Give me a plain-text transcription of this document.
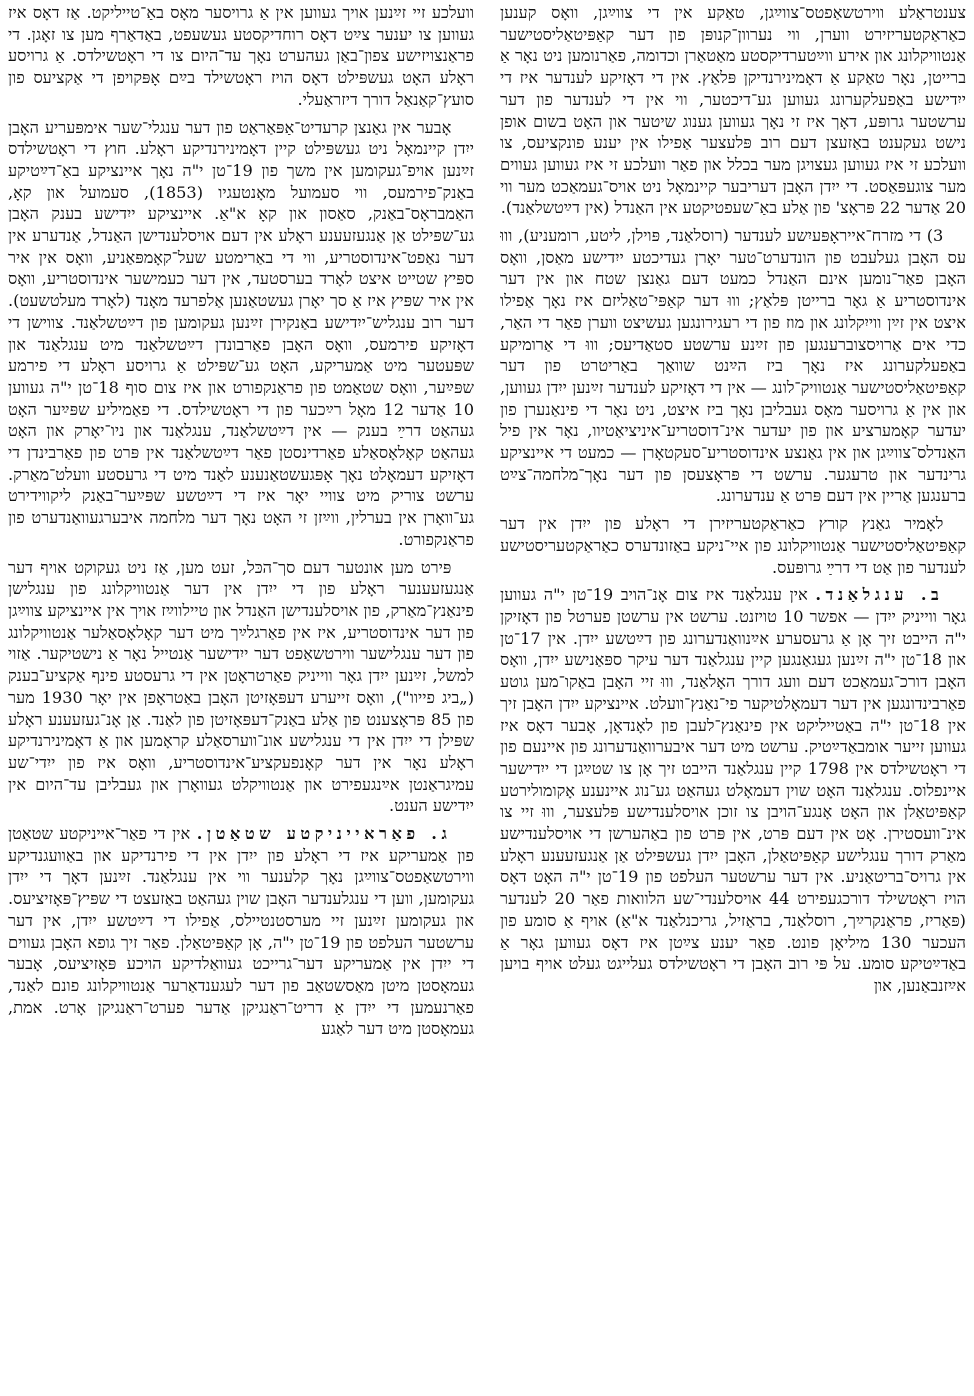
צענטראַלע ווירטשאַפטס־צווײַגן, טאַקע אין די צווײַגן, וואָס קענען כאַראַקטעריזירט ווערן, ווי נערוון־קנופּן פון דער קאַפּיטאַליסטישער אַנטוויקלונג און אירע ווײַטערדיקסטע מאַטאַרן וכדומה, פאַרנומען ניט נאָר אַ ברייטן, נאָר טאַקע אַ דאָמינירנדיקן פּלאַץ. אין די דאָזיקע לענדער איז די ייִדישע באַפעלקערונג געווען גע־דיכטער, ווי אין די לענדער פון דער ערשטער גרופּע, דאָך איז זי נאָך געווען גענוג שיטער און האָט בשום אופן נישט געקענט באַזעצן דעם רוב פּלעצער אַפילו אין יענע פונקציעס, צו וועלכע זי איז געווען געצויגן מער בכלל און פאַר וועלכע זי איז געווען געווים מער צוגעפּאַסט. די ייִדן האָבן דעריבער קיינמאָל ניט אויס־געמאַכט מער ווי 20 אַדער 22 פּראָצ' פון אַלע באַ־שעפטיקטע אין האַנדל (אין דײַטשלאַנד).

3) די מזרח־אייראָפּעיִשע לענדער (רוסלאַנד, פּוילן, ליטע, רומעניע), וווּ עס האָבן געלעבט פון הונדערט־טער יאָרן געדיכטע ייִדישע מאַסן, וואָס האָבן פאַר־נומען אינם האַנדל כמעט דעם גאַנצן שטח און אין דער אינדוסטריע אַ גאָר ברייטן פּלאַץ; וווּ דער קאַפּי־טאַליזם איז נאָך אַפילו איצט אין זײַן ווייִקלונג און מוז פון די רעגירונגען געשיצט ווערן פאַר די האַר, כדי אים אַרויסצוברענגען פון זײַנע ערשטע סטאַדיעס; וווּ די אַרומיקע באַפעלקערונג איז נאָך ביז הײַנט שוואַך באַריטרט פון דער קאַפּיטאַליסטישער אַנטוויק־לונג — אין די דאָזיקע לענדער זײַנען ייִדן געווען, און אין אַ גרויסער מאָס געבליבן נאָך ביז איצט, ניט נאָר די פינאַנערן פון יעדער קאָמערציע און פון יעדער אינ־דוסטריע־איניציאַטיוו, נאָר אין פיל האַנדלס־צווײַגן און אין גאַנצע אינדוסטריע־סעקטאָרן — כמעט די איינציקע גרינדער און טרעגער. ערשט די פּראָצעסן פון דער נאָך־מלחמה־צײַט ברענגען אַריין אין דעם פּרט אַ ענדערונג.

לאָמיר גאַנץ קורץ כאַראַקטעריזירן די ראָלע פון ייִדן אין דער קאַפּיטאַליסטישער אַנטוויקלונג פון איי־ניקע באַזונדערס כאַראַקטעריסטישע לענדער פון אַט די דרײַ גרופּעס.

ב. ענגלאַנד. אין ענגלאַנד איז צום אָנ־הויב 19־טן י"ה געווען גאָר ווייניק ייִדן — אפשר 10 טויזנט. ערשט אין ערשטן פערטל פון דאָזיקן י"ה הייבט זיך אָן אַ גרעסערע אײַנוואַנדערונג פון דײַטשע ייִדן. אין 17־טן און 18־טן י"ה זײַנען געגאַנגען קיין ענגלאַנד דער עיקר ספּאַנישע ייִדן, וואָס האָבן דורכ־געמאַכט דעם וועג דורך האָלאַנד, וווּ זיי האָבן באַקו־מען גוטע פאַרבינדונגען אין דער דעמאָלטיקער פי־נאַנץ־וועלט. איינציקע ייִדן האָבן זיך אין 18־טן י"ה באַטייליקט אין פינאַנץ־לעבן פון לאָנדאָן, אָבער דאָס איז געווען זייער אומבאַדײַטיק. ערשט מיט דער איבערוואַנדערונג פון איינעם פון די ראָטשילדס אין 1798 קיין ענגלאַנד הייבט זיך אָן צו שטײַגן די ייִדישער איינפלוס. ענגלאַנד האָט שוין דעמאָלט געהאַט גע־נוג איינענע אָקומולירטע קאַפּיטאַלן און האָט אָנגע־הויבן צו זוכן אויסלענדישע פּלעצער, וווּ זיי צו אינ־וועסטירן. אָט אין דעם פּרט, אין פּרט פון באַהערשן די אויסלענדישע מאַרק דורך ענגלישע קאַפּיטאַלן, האָבן ייִדן געשפּילט אַן אַנגעזעענע ראָלע אין גרויס־בריטאַניע. אין דער ערשטער העלפט פון 19־טן י"ה האָט דאָס הויז ראָטשילד דורכגעפירט 44 אויסלענדי־שע הלוואות פאַר 20 לענדער (פּאַריז, פראַנקרײַך, רוסלאַנד, בראַזיל, גריכנלאַנד א"אַ) אויף אַ סומע פון העכער 130 מיליאָן פונט. פאַר יענע צײַטן איז דאָס געווען גאָר אַ באַדײַטיקע סומע. על פּי רוב האָבן די ראָטשילדס געלייגט געלט אויף בויען אײַזנבאַנען, און

וועלכע זיי זײַנען אויך געווען אין אַ גרויסער מאָס באַ־טייליקט. אַז דאָס איז געווען צו יענער צײַט דאָס רוחדיקסטע געשעפט, באַדאַרף מען צו זאָגן. די פראַנצויזישע צפון־באַן געהערט נאָך עד־היום צו די ראָטשילדס. אַ גרויסע ראָלע האָט געשפּילט דאָס הויז ראָטשילד בײַם אָפּקויפן די אַקציעס פון סועץ־קאַנאַל דורך דיזראַעלי.

אָבער אין גאַנצן קרעדיט־אַפּאַראַט פון דער ענגלי־שער אימפּעריע האָבן ייִדן קיינמאָל ניט געשפּילט קיין דאָמינירנדיקע ראָלע. חוץ די ראָטשילדס זײַנען אויפ־געקומען אין משך פון 19־טן י"ה נאָך איינציקע באַ־דײַטיקע באַנק־פירמעס, ווי סעמועל מאָנטעגיו (1853), סעמועל און קאָ, האַמבראָס־באַנק, סאַסון און קאָ א"אַ. איינציקע ייִדישע בענק האָבן גע־שפּילט אַן אַנגעזעענע ראָלע אין דעם אויסלענדישן האַנדל, אַנדערע אין דער נאַפט־אינדוסטריע, ווי די באַרימטע שעל־קאָמפּאַניע, וואָס אין איר ספּיץ שטייט איצט לאָרד בערסטעד, אין דער כעמישער אינדוסטריע, וואָס אין איר שפּיץ איז אַ סך יאָרן געשטאַנען אַלפרעד מאָנד (לאָרד מעלטשעט). דער רוב ענגליש־ייִדישע באַנקירן זײַנען געקומען פון דײַטשלאַנד. צווישן די דאָזיקע פירמעס, וואָס האָבן פאַרבונדן דײַטשלאַנד מיט ענגלאַנד און שפּעטער מיט אַמעריקע, האָט גע־שפּילט אַ גרויסע ראָלע די פירמע שפּײַער, וואָס שטאַמט פון פראַנקפורט און איז צום סוף 18־טן י"ה געווען 10 אַדער 12 מאָל רײַכער פון די ראָטשילדס. די פאַמיליע שפּײַער האָט געהאַט דרײַ בענק — אין דײַטשלאַנד, ענגלאַנד און ניו־יאָרק און האָט געהאַט קאָלאָסאַלע פאַרדינסטן פאַר דײַטשלאַנד אין פּרט פון פאַרבינדן די דאָזיקע דעמאָלט נאָך אָפּגעשטאַנענע לאַנד מיט די גרעסטע וועלט־מאַרק. ערשט צוריק מיט צוויי יאָר איז די דײַטשע שפּײַער־באַנק ליקווידירט גע־וואָרן אין בערלין, ווײַזן זי האָט נאָך דער מלחמה איבערגעוואַנדערט פון פראַנקפורט.

פּירט מען אונטער דעם סך־הכּל, זעט מען, אַז ניט געקוקט אויף דער אַנגעזעענער ראָלע פון די ייִדן אין דער אַנטוויקלונג פון ענגלישן פינאַנץ־מאַרק, פון אויסלענדישן האַנדל און טיילווײַז אויך אין איינציקע צווײַגן פון דער אינדוסטריע, איז אין פאַרגלײַך מיט דער קאָלאָסאַלער אַנטוויקלונג פון דער ענגלישער ווירטשאַפט דער ייִדישער אַנטייל נאָר אַ נישטיקער. אַזוי למשל, זײַנען ייִדן גאָר ווייניק פאַרטראָטן אין די גרעסטע פינף אַקציע־בענק („ביג פייוו"), וואָס זייערע דעפּאָזיטן האָבן באַטראָפן אין יאָר 1930 מער פון 85 פּראָצענט פון אַלע באַנק־דעפּאָזיטן פון לאַנד. אַן אָנ־געזעענע ראָלע שפּילן די ייִדן אין די ענגלישע אונ־ווערסאַלע קראָמען און אַ דאָמינירנדיקע ראָלע נאָר אין דער קאָנפעקציע־אינדוסטריע, וואָס איז פון ייִדי־שע עמיגראַנטן אײַנגעפירט און אַנטוויקלט געוואָרן און געבליבן עד־היום אין ייִדישע הענט.

ג. פאַראייניקטע שטאַטן. אין די פאַר־אייניקטע שטאַטן פון אַמעריקע איז די ראָלע פון ייִדן אין די פירנדיקע און באַוועגנדיקע ווירטשאַפטס־צווײַגן נאָך קלענער ווי אין ענגלאַנד. זײַנען דאָך די ייִדן געקומען, ווען די ענגלענדער האָבן שוין געהאַט באַזעצט די שפּיץ־פּאָזיציעס. און געקומען זײַנען זיי מערסטנטיילס, אַפילו די דײַטשע ייִדן, אין דער ערשטער העלפט פון 19־טן י"ה, אָן קאַפּיטאַלן. פאַר זיך גופא האָבן געווים די ייִדן אין אַמעריקע דער־גרייכט געוואַלדיקע הויכע פּאָזיציעס, אָבער געמאָסטן מיטן מאַסשטאַב פון דער לעגענדאַרער אַנטוויקלונג פונם לאַנד, פאַרנעמען די ייִדן אַ דריט־ראַנגיקן אַדער פערט־ראַנגיקן אָרט. אמת, געמאָסטן מיט דער לאַגע
